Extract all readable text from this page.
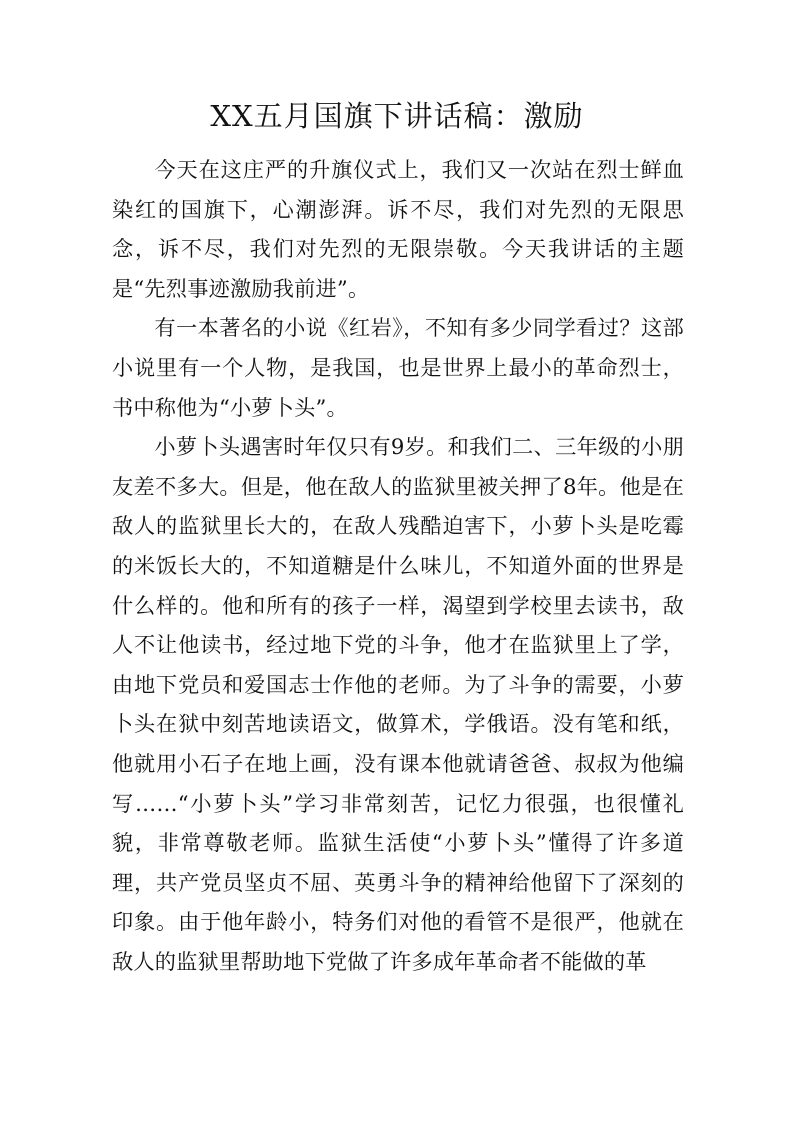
XX五月国旗下讲话稿：激励

今天在这庄严的升旗仪式上，我们又一次站在烈士鲜血染红的国旗下，心潮澎湃。诉不尽，我们对先烈的无限思念，诉不尽，我们对先烈的无限崇敬。今天我讲话的主题是“先烈事迹激励我前进”。

有一本著名的小说《红岩》，不知有多少同学看过？这部小说里有一个人物，是我国，也是世界上最小的革命烈士，书中称他为“小萝卜头”。

小萝卜头遇害时年仅只有9岁。和我们二、三年级的小朋友差不多大。但是，他在敌人的监狱里被关押了8年。他是在敌人的监狱里长大的，在敌人残酷迫害下，小萝卜头是吃霉的米饭长大的，不知道糖是什么味儿，不知道外面的世界是什么样的。他和所有的孩子一样，渴望到学校里去读书，敌人不让他读书，经过地下党的斗争，他才在监狱里上了学，由地下党员和爱国志士作他的老师。为了斗争的需要，小萝卜头在狱中刻苦地读语文，做算术，学俄语。没有笔和纸，他就用小石子在地上画，没有课本他就请爸爸、叔叔为他编写……“小萝卜头”学习非常刻苦，记忆力很强，也很懂礼貌，非常尊敬老师。监狱生活使“小萝卜头”懂得了许多道理，共产党员坚贞不屈、英勇斗争的精神给他留下了深刻的印象。由于他年龄小，特务们对他的看管不是很严，他就在敌人的监狱里帮助地下党做了许多成年革命者不能做的革
